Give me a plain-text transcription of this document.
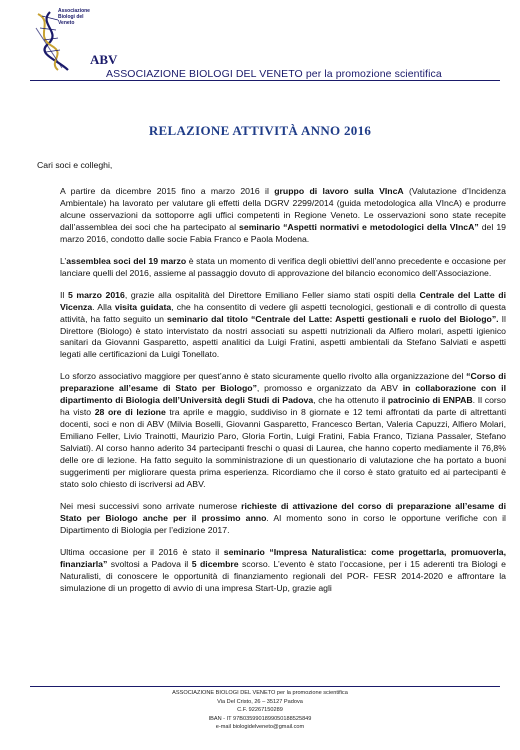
Associazione Biologi del Veneto
ABV
ASSOCIAZIONE BIOLOGI DEL VENETO per la promozione scientifica
RELAZIONE ATTIVITÀ ANNO 2016
Cari soci e colleghi,

A partire da dicembre 2015 fino a marzo 2016 il gruppo di lavoro sulla VIncA (Valutazione d’Incidenza Ambientale) ha lavorato per valutare gli effetti della DGRV 2299/2014 (guida metodologica alla VIncA) e produrre alcune osservazioni da sottoporre agli uffici competenti in Regione Veneto. Le osservazioni sono state recepite dall’assemblea dei soci che ha partecipato al seminario “Aspetti normativi e metodologici della VIncA” del 19 marzo 2016, condotto dalle socie Fabia Franco e Paola Modena.

L’assemblea soci del 19 marzo è stata un momento di verifica degli obiettivi dell’anno precedente e occasione per lanciare quelli del 2016, assieme al passaggio dovuto di approvazione del bilancio economico dell’Associazione.

Il 5 marzo 2016, grazie alla ospitalità del Direttore Emiliano Feller siamo stati ospiti della Centrale del Latte di Vicenza. Alla visita guidata, che ha consentito di vedere gli aspetti tecnologici, gestionali e di controllo di questa attività, ha fatto seguito un seminario dal titolo “Centrale del Latte: Aspetti gestionali e ruolo del Biologo”. Il Direttore (Biologo) è stato intervistato da nostri associati su aspetti nutrizionali da Alfiero molari, aspetti igienico sanitari da Giovanni Gasparetto, aspetti analitici da Luigi Fratini, aspetti ambientali da Stefano Salviati e aspetti legati alle certificazioni da Luigi Tonellato.

Lo sforzo associativo maggiore per quest’anno è stato sicuramente quello rivolto alla organizzazione del “Corso di preparazione all’esame di Stato per Biologo”, promosso e organizzato da ABV in collaborazione con il dipartimento di Biologia dell’Università degli Studi di Padova, che ha ottenuto il patrocinio di ENPAB. Il corso ha visto 28 ore di lezione tra aprile e maggio, suddiviso in 8 giornate e 12 temi affrontati da parte di altrettanti docenti, soci e non di ABV (Milvia Boselli, Giovanni Gasparetto, Francesco Bertan, Valeria Capuzzi, Alfiero Molari, Emiliano Feller, Livio Trainotti, Maurizio Paro, Gloria Fortin, Luigi Fratini, Fabia Franco, Tiziana Passaler, Stefano Salviati). Al corso hanno aderito 34 partecipanti freschi o quasi di Laurea, che hanno coperto mediamente il 76,8% delle ore di lezione. Ha fatto seguito la somministrazione di un questionario di valutazione che ha portato a buoni suggerimenti per migliorare questa prima esperienza. Ricordiamo che il corso è stato gratuito ed ai partecipanti è stato solo chiesto di iscriversi ad ABV.

Nei mesi successivi sono arrivate numerose richieste di attivazione del corso di preparazione all’esame di Stato per Biologo anche per il prossimo anno. Al momento sono in corso le opportune verifiche con il Dipartimento di Biologia per l’edizione 2017.

Ultima occasione per il 2016 è stato il seminario “Impresa Naturalistica: come progettarla, promuoverla, finanziarla” svoltosi a Padova il 5 dicembre scorso. L’evento è stato l’occasione, per i 15 aderenti tra Biologi e Naturalisti, di conoscere le opportunità di finanziamento regionali del POR- FESR 2014-2020 e affrontare la simulazione di un progetto di avvio di una impresa Start-Up, grazie agli

ASSOCIAZIONE BIOLOGI DEL VENETO per la promozione scientifica
Via Del Cristo, 26 – 35127 Padova
C.F. 92267150289
IBAN - IT 97B0359901899050188525849
e-mail biologidelveneto@gmail.com
